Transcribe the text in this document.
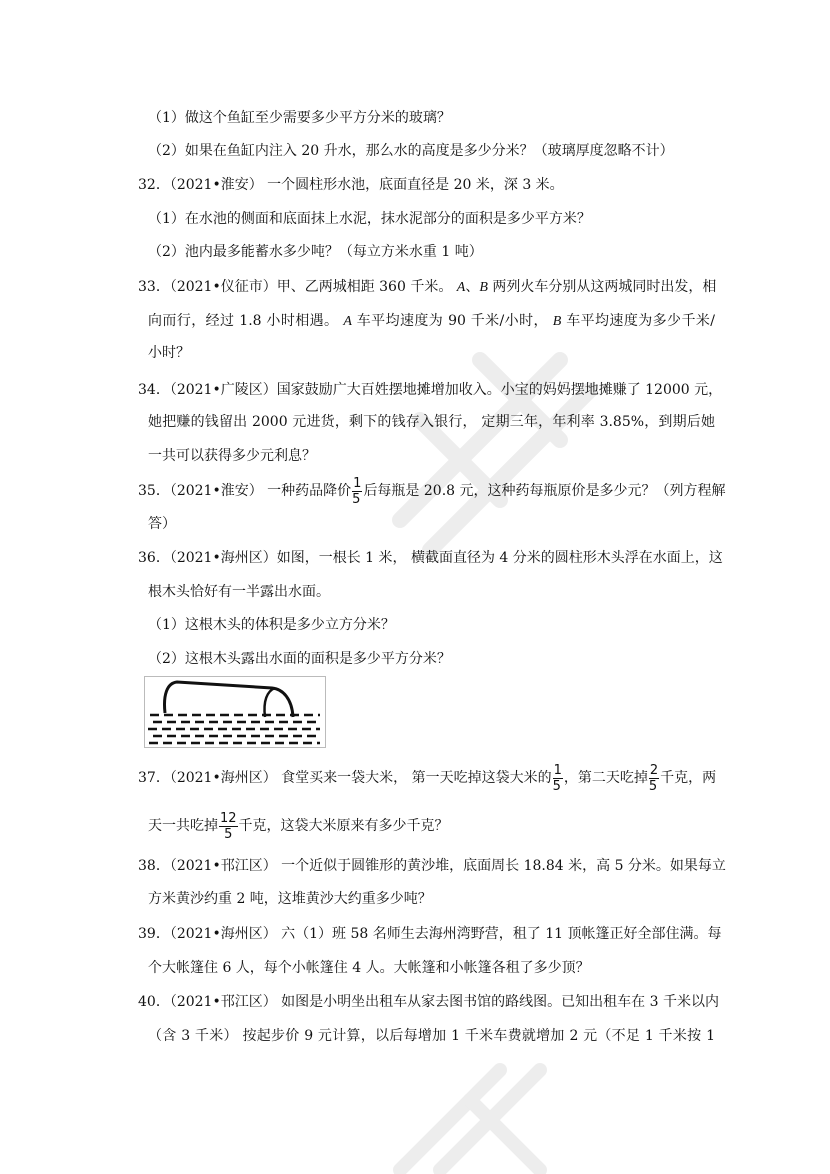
（1）做这个鱼缸至少需要多少平方分米的玻璃？
（2）如果在鱼缸内注入 20 升水，那么水的高度是多少分米？（玻璃厚度忽略不计）
32．（2021•淮安） 一个圆柱形水池，底面直径是 20 米，深 3 米。
（1）在水池的侧面和底面抹上水泥，抹水泥部分的面积是多少平方米？
（2）池内最多能蓄水多少吨？（每立方米水重 1 吨）
33．（2021•仪征市）甲、乙两城相距 360 千米。 A、B 两列火车分别从这两城同时出发，相
向而行，经过 1.8 小时相遇。 A 车平均速度为 90 千米/小时， B 车平均速度为多少千米/
小时？
34．（2021•广陵区）国家鼓励广大百姓摆地摊增加收入。小宝的妈妈摆地摊赚了 12000 元，
她把赚的钱留出 2000 元进货，剩下的钱存入银行， 定期三年，年利率 3.85%，到期后她
一共可以获得多少元利息？
35．（2021•淮安） 一种药品降价 $\frac{1}{5}$ 后每瓶是 20.8 元，这种药每瓶原价是多少元？（列方程解
答）
36．（2021•海州区）如图，一根长 1 米， 横截面直径为 4 分米的圆柱形木头浮在水面上，这
根木头恰好有一半露出水面。
（1）这根木头的体积是多少立方分米？
（2）这根木头露出水面的面积是多少平方分米？
37．（2021•海州区） 食堂买来一袋大米， 第一天吃掉这袋大米的 $\frac{1}{5}$ ，第二天吃掉 $\frac{2}{5}$ 千克，两
天一共吃掉 $\frac{12}{5}$ 千克，这袋大米原来有多少千克？
38．（2021•邗江区） 一个近似于圆锥形的黄沙堆，底面周长 18.84 米，高 5 分米。如果每立
方米黄沙约重 2 吨，这堆黄沙大约重多少吨？
39．（2021•海州区） 六（1）班 58 名师生去海州湾野营，租了 11 顶帐篷正好全部住满。每
个大帐篷住 6 人，每个小帐篷住 4 人。大帐篷和小帐篷各租了多少顶？
40．（2021•邗江区） 如图是小明坐出租车从家去图书馆的路线图。已知出租车在 3 千米以内
（含 3 千米） 按起步价 9 元计算，以后每增加 1 千米车费就增加 2 元（不足 1 千米按 1
